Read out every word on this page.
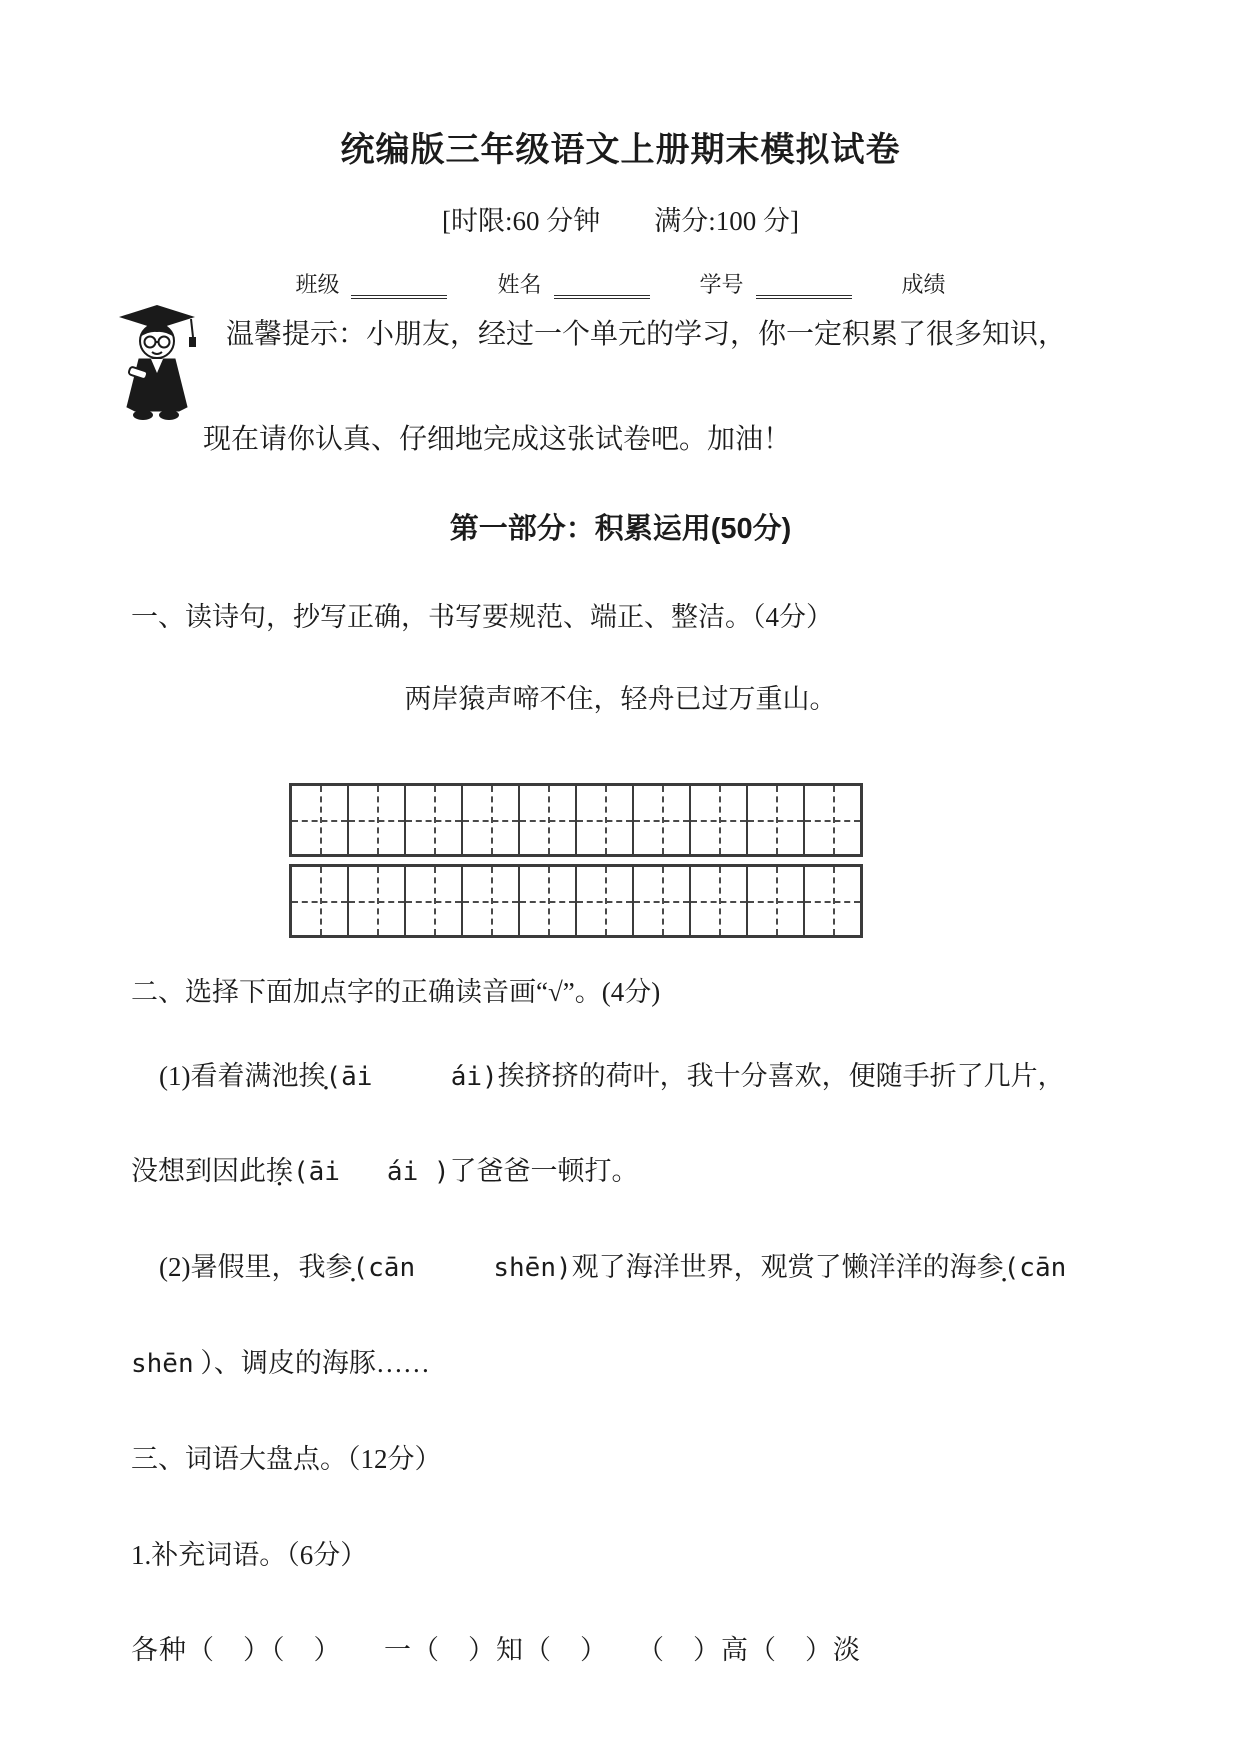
统编版三年级语文上册期末模拟试卷

[时限:60 分钟　　满分:100 分]

班级	姓名	学号	成绩

温馨提示：小朋友，经过一个单元的学习，你一定积累了很多知识，

现在请你认真、仔细地完成这张试卷吧。加油！

第一部分：积累运用(50分)

一、读诗句，抄写正确，书写要规范、端正、整洁。（4分）

两岸猿声啼不住，轻舟已过万重山。

二、选择下面加点字的正确读音画“√”。(4分)

(1)看着满池挨(āi     ái)挨挤挤的荷叶，我十分喜欢，便随手折了几片，

没想到因此挨(āi   ái )了爸爸一顿打。

(2)暑假里，我参(cān     shēn)观了海洋世界，观赏了懒洋洋的海参(cān

shēn ）、调皮的海豚……

三、词语大盘点。（12分）

1.补充词语。（6分）

各种（　）（　）　　一（　）知（　）　　（　）高（　）淡
